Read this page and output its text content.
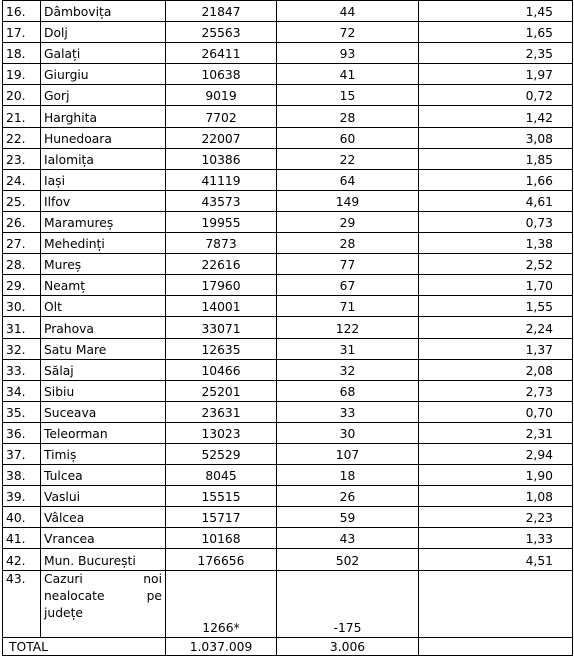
16.	Dâmbovița	21847	44	1,45
17.	Dolj	25563	72	1,65
18.	Galați	26411	93	2,35
19.	Giurgiu	10638	41	1,97
20.	Gorj	9019	15	0,72
21.	Harghita	7702	28	1,42
22.	Hunedoara	22007	60	3,08
23.	Ialomița	10386	22	1,85
24.	Iași	41119	64	1,66
25.	Ilfov	43573	149	4,61
26.	Maramureș	19955	29	0,73
27.	Mehedinți	7873	28	1,38
28.	Mureș	22616	77	2,52
29.	Neamț	17960	67	1,70
30.	Olt	14001	71	1,55
31.	Prahova	33071	122	2,24
32.	Satu Mare	12635	31	1,37
33.	Sălaj	10466	32	2,08
34.	Sibiu	25201	68	2,73
35.	Suceava	23631	33	0,70
36.	Teleorman	13023	30	2,31
37.	Timiș	52529	107	2,94
38.	Tulcea	8045	18	1,90
39.	Vaslui	15515	26	1,08
40.	Vâlcea	15717	59	2,23
41.	Vrancea	10168	43	1,33
42.	Mun. București	176656	502	4,51
43.	Cazuri noi
nealocate pe
județe	1266*	-175	
TOTAL		1.037.009	3.006	
